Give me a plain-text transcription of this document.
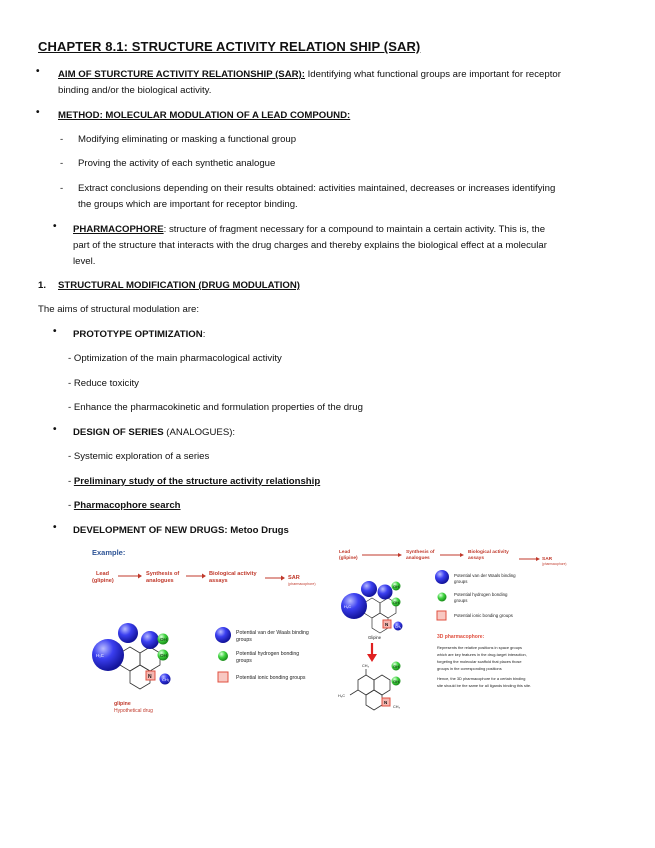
CHAPTER 8.1: STRUCTURE ACTIVITY RELATION SHIP (SAR)
• AIM OF STURCTURE ACTIVITY RELATIONSHIP (SAR): Identifying what functional groups are important for receptor
binding and/or the biological activity.
• METHOD: MOLECULAR MODULATION OF A LEAD COMPOUND:
- Modifying eliminating or masking a functional group
- Proving the activity of each synthetic analogue
- Extract conclusions depending on their results obtained: activities maintained, decreases or increases identifying
the groups which are important for receptor binding.
• PHARMACOPHORE: structure of fragment necessary for a compound to maintain a certain activity. This is, the
part of the structure that interacts with the drug charges and thereby explains the biological effect at a molecular
level.
1. STRUCTURAL MODIFICATION (DRUG MODULATION)
The aims of structural modulation are:
• PROTOTYPE OPTIMIZATION:
- Optimization of the main pharmacological activity
- Reduce toxicity
- Enhance the pharmacokinetic and formulation properties of the drug
• DESIGN OF SERIES (ANALOGUES):
- Systemic exploration of a series
- Preliminary study of the structure activity relationship
- Pharmacophore search
• DEVELOPMENT OF NEW DRUGS: Metoo Drugs
Example:
Lead
(glipine)
Synthesis of
analogues
Biological activity
assays	SAR
(pharmacophore)
OH
OH
N	CH₃
H₃C
Potential van der Waals binding
groups
Potential hydrogen bonding
groups
Potential ionic bonding groups
glipine
Hypothetical drug
Lead
(glipine)
Synthesis of
analogues
Biological activity
assays	SAR
(pharmacophore)
OH
OH
N CH₃
H₃C
Glipine
OH
OH
N
CH₃
CH₃
H₃C
Potential van der Waals binding
groups
Potential hydrogen bonding
groups
Potential ionic bonding groups
3D pharmacophore:
Represents the relative positions in space groups
which are key features in the drug-target interaction,
forgeting the molecular scaffold that places those
groups in the corresponding positions
Hence, the 3D pharmacophore for a certain binding
site should be the same for all ligands binding this site.
